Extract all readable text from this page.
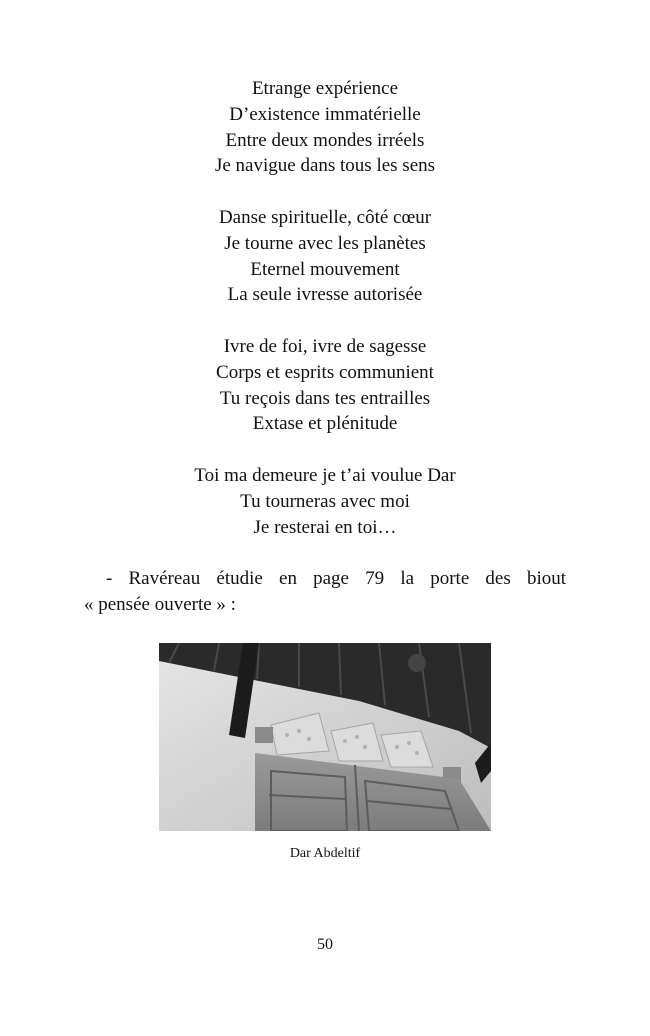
Etrange expérience
D’existence immatérielle
Entre deux mondes irréels
Je navigue dans tous les sens
Danse spirituelle, côté cœur
Je tourne avec les planètes
Eternel mouvement
La seule ivresse autorisée
Ivre de foi, ivre de sagesse
Corps et esprits communient
Tu reçois dans tes entrailles
Extase et plénitude
Toi ma demeure je t’ai voulue Dar
Tu tourneras avec moi
Je resterai en toi…
- Ravéreau étudie en page 79 la porte des biout
« pensée ouverte » :
Dar Abdeltif
50
